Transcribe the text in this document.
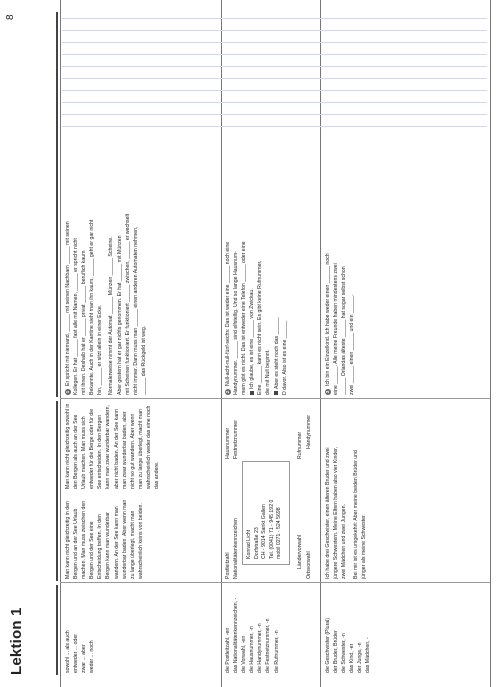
Lektion 1
8

sowohl ... als auch entweder ... oder zwar ... aber weder ... noch

Man kann nicht gleichzeitig in den Bergen und an der See Urlaub machen. Man muss zwischen den Bergen und der See eine Entscheidung treffen. In den Bergen kann man wunderbar wandern. An der See kann man wunderbar baden. Aber wenn man zu lange überlegt, macht man wahrscheinlich keins von beiden.
Man kann nicht gleichzeitig sowohl in den Bergen als auch an der See Urlaub machen. Man muss sich entweder für die Berge oder für die See entscheiden. In den Bergen kann man zwar wunderbar wandern, aber nicht baden. An der See kann man zwar wunderbar baden, aber nicht so gut wandern. Aber wenn man zu lange überlegt, macht man wahrscheinlich weder das eine noch das andere.

1Er spricht mit niemand, ______ mit seinen Nachbarn ______ mit seinen Kollegen. Er hat ______ fast alle mit Namen, ______ er spricht nicht mit ihnen. Deshalb hat er ______ privat ______ beruflich kaum Bekannte. Auch in der Kantine sieht man ihn kaum, ______ geht er gar nicht hin, ______ er sitzt allein in einer Ecke. Normalerweise nimmt der Automat ______ Münzen ______ Scheine. Aber gestern hat er gar nichts genommen. Er hat ______ mit Münzen mit Scheinen funktioniert. Er funktioniert ______ zwischen, ______ er wechselt nicht immer. Dann muss man ______ einen anderen Automaten nehmen, ______ das Rückgeld ist weg.

die Postleitzahl, -en das Nationalitätenkennzeichen, - die Vorwahl, -en die Hausnummer, -n die Handynummer, -n die Festnetznummer, -n die Rufnummer, -n

Postleitzahl Nationalitätenkennzeichen
Hausnummer Festnetznummer
Konrad Licht Dorfstraße 23 CH - 9014 Sankt Gallen Tel. (0041) 71 - 945 192 0 mobil 0271 - 524 5698	Ländervorwahl Ortsvorwahl
Rufnummer Handynummer

2Null-acht-null-fünf-sechs: Das ist weder eine ______ noch eine Handynummer. ______ sind elfstellig. Und so lange Hausnum- mern gibt es nicht. Das ist entweder eine Telefon ______ oder eine Ich glaube, es ist eine ______ von Zwickau. Eine ______ kann es nicht sein. Es gibt keine Rufnummer, die mit Null beginnt. Aber es steht noch das ______ D davor. Also ist es eine ______

die Geschwister (Plural) der Bruder, Brüder die Schwester, -n das Kind, -er der Junge, -n das Mädchen, -

Ich habe drei Geschwister, einen älteren Bruder und zwei jüngere Schwestern. Meine Eltern haben also vier Kinder, zwei Mädchen und zwei Jungen. Bei mir ist es umgekehrt: Aber meine beiden Brüder und jünger als meine Schwester.

3Ich bin ein Einzelkind. Ich habe weder einen ______ noch eine ______. Alle meine Freunde haben mindestens zwei ______ Orlandas älteste ______ hat sogar selbst schon zwei ______ einen ______ und ein ______.
